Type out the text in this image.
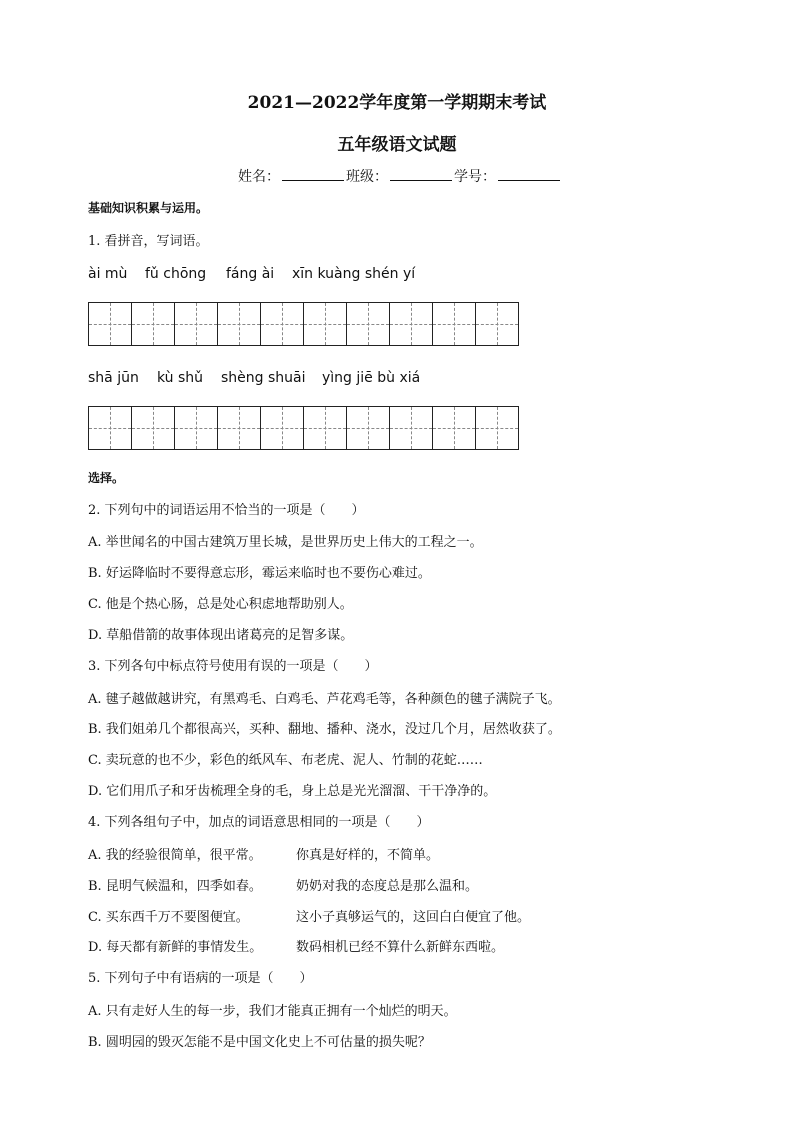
2021—2022学年度第一学期期末考试
五年级语文试题
姓名：	班级：	学号：
基础知识积累与运用。
1. 看拼音，写词语。
ài mù fǔ chōng fáng ài xīn kuàng shén yí
shā jūn kù shǔ shèng shuāi yìng jiē bù xiá
选择。
2. 下列句中的词语运用不恰当的一项是（　　）
A. 举世闻名的中国古建筑万里长城，是世界历史上伟大的工程之一。
B. 好运降临时不要得意忘形，霉运来临时也不要伤心难过。
C. 他是个热心肠，总是处心积虑地帮助别人。
D. 草船借箭的故事体现出诸葛亮的足智多谋。
3. 下列各句中标点符号使用有误的一项是（　　）
A. 毽子越做越讲究，有黑鸡毛、白鸡毛、芦花鸡毛等，各种颜色的毽子满院子飞。
B. 我们姐弟几个都很高兴，买种、翻地、播种、浇水，没过几个月，居然收获了。
C. 卖玩意的也不少，彩色的纸风车、布老虎、泥人、竹制的花蛇……
D. 它们用爪子和牙齿梳理全身的毛，身上总是光光溜溜、干干净净的。
4. 下列各组句子中，加点的词语意思相同的一项是（　　）
A. 我的经验很简单，很平常。	你真是好样的，不简单。
B. 昆明气候温和，四季如春。	奶奶对我的态度总是那么温和。
C. 买东西千万不要图便宜。	这小子真够运气的，这回白白便宜了他。
D. 每天都有新鲜的事情发生。	数码相机已经不算什么新鲜东西啦。
5. 下列句子中有语病的一项是（　　）
A. 只有走好人生的每一步，我们才能真正拥有一个灿烂的明天。
B. 圆明园的毁灭怎能不是中国文化史上不可估量的损失呢？
